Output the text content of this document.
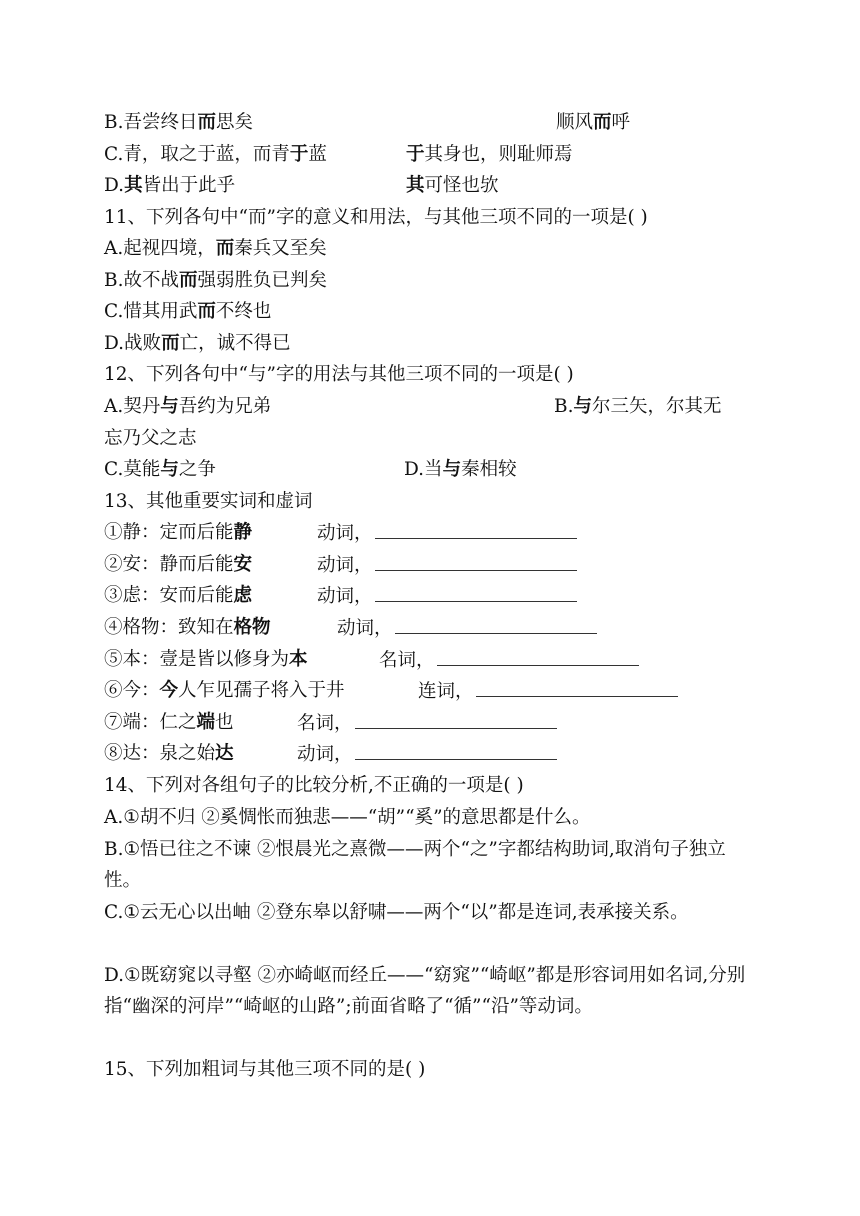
B.吾尝终日而思矣	顺风而呼
C.青，取之于蓝，而青于蓝	于其身也，则耻师焉
D.其皆出于此乎	其可怪也欤
11、下列各句中“而”字的意义和用法，与其他三项不同的一项是( )
A.起视四境，而秦兵又至矣
B.故不战而强弱胜负已判矣
C.惜其用武而不终也
D.战败而亡，诚不得已
12、下列各句中“与”字的用法与其他三项不同的一项是( )
A.契丹与吾约为兄弟	B.与尔三矢，尔其无
忘乃父之志
C.莫能与之争	D.当与秦相较
13、其他重要实词和虚词
①静：定而后能静	动词，
②安：静而后能安	动词，
③虑：安而后能虑	动词，
④格物：致知在格物	动词，
⑤本：壹是皆以修身为本	名词，
⑥今：今人乍见孺子将入于井	连词，
⑦端：仁之端也	名词，
⑧达：泉之始达	动词，
14、下列对各组句子的比较分析,不正确的一项是( )
A.①胡不归 ②奚惆怅而独悲——“胡”“奚”的意思都是什么。
B.①悟已往之不谏 ②恨晨光之熹微——两个“之”字都结构助词,取消句子独立性。
C.①云无心以出岫 ②登东皋以舒啸——两个“以”都是连词,表承接关系。
D.①既窈窕以寻壑 ②亦崎岖而经丘——“窈窕”“崎岖”都是形容词用如名词,分别指“幽深的河岸”“崎岖的山路”;前面省略了“循”“沿”等动词。
15、下列加粗词与其他三项不同的是( )
